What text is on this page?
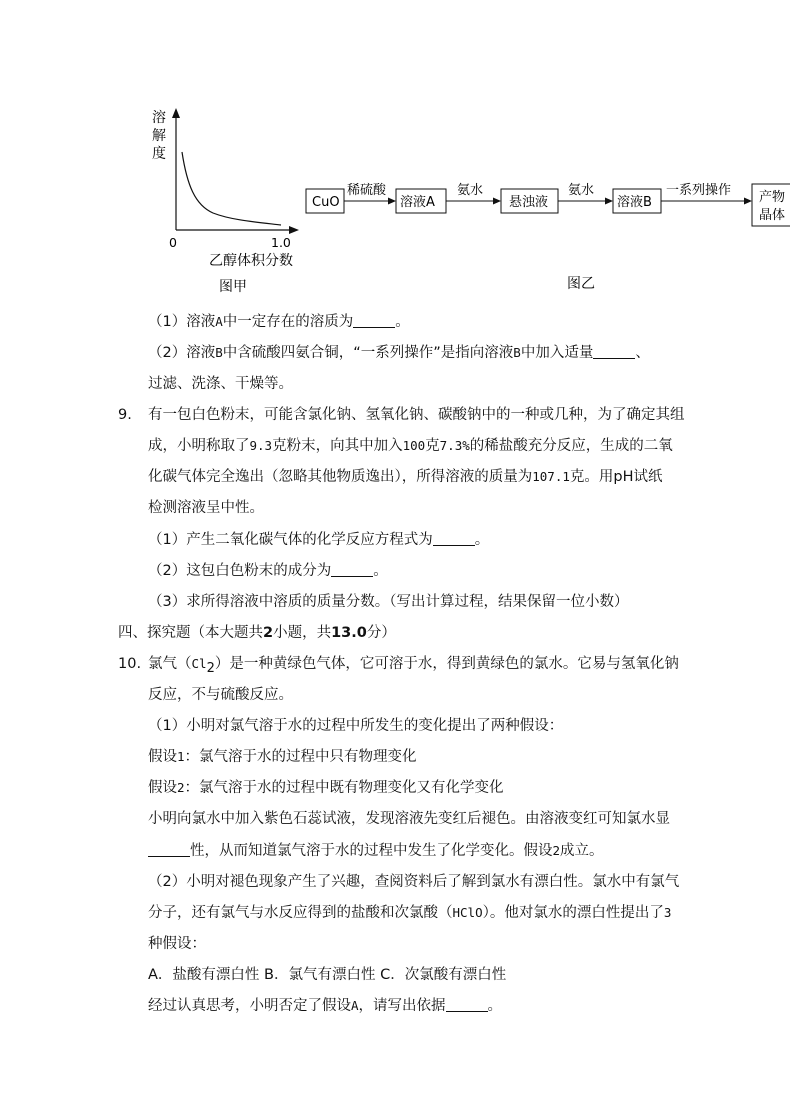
溶
解
度
0	1.0
乙醇体积分数
图甲
CuO
稀硫酸
溶液A
氨水
悬浊液
氨水
溶液B
一系列操作 产物
晶体
图乙
（1）溶液A中一定存在的溶质为	。
（2）溶液B中含硫酸四氨合铜，“一系列操作”是指向溶液B中加入适量	、
过滤、洗涤、干燥等。
9. 有一包白色粉末，可能含氯化钠、氢氧化钠、碳酸钠中的一种或几种，为了确定其组
成，小明称取了9.3克粉末，向其中加入100克7.3%的稀盐酸充分反应，生成的二氧
化碳气体完全逸出（忽略其他物质逸出），所得溶液的质量为107.1克。用pH试纸
检测溶液呈中性。
（1）产生二氧化碳气体的化学反应方程式为	。
（2）这包白色粉末的成分为	。
（3）求所得溶液中溶质的质量分数。（写出计算过程，结果保留一位小数）
四、探究题（本大题共2小题，共13.0分）
10. 氯气$(Cl_2)$是一种黄绿色气体，它可溶于水，得到黄绿色的氯水。它易与氢氧化钠
反应，不与硫酸反应。
（1）小明对氯气溶于水的过程中所发生的变化提出了两种假设：
假设1：氯气溶于水的过程中只有物理变化
假设2：氯气溶于水的过程中既有物理变化又有化学变化
小明向氯水中加入紫色石蕊试液，发现溶液先变红后褪色。由溶液变红可知氯水显
性，从而知道氯气溶于水的过程中发生了化学变化。假设2成立。
（2）小明对褪色现象产生了兴趣，查阅资料后了解到氯水有漂白性。氯水中有氯气
分子，还有氯气与水反应得到的盐酸和次氯酸（HClO）。他对氯水的漂白性提出了3
种假设：
A．盐酸有漂白性 B．氯气有漂白性 C．次氯酸有漂白性
经过认真思考，小明否定了假设A，请写出依据	。
